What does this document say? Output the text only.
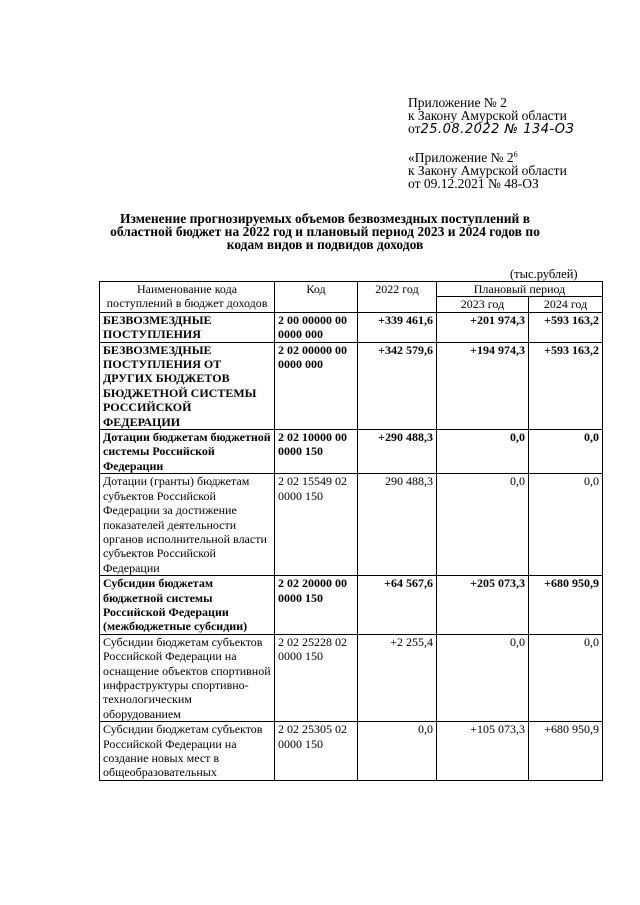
Приложение № 2
к Закону Амурской области
от25.08.2022 № 134-ОЗ
«Приложение № $2^6$
к Закону Амурской области
от 09.12.2021 № 48-ОЗ
Изменение прогнозируемых объемов безвозмездных поступлений в областной бюджет на 2022 год и плановый период 2023 и 2024 годов по кодам видов и подвидов доходов
(тыс.рублей)
Наименование кода поступлений в бюджет доходов	Код	2022 год	Плановый период	
			2023 год	2024 год
БЕЗВОЗМЕЗДНЫЕ ПОСТУПЛЕНИЯ	2 00 00000 00 0000 000	+339 461,6	+201 974,3	+593 163,2
БЕЗВОЗМЕЗДНЫЕ ПОСТУПЛЕНИЯ ОТ ДРУГИХ БЮДЖЕТОВ БЮДЖЕТНОЙ СИСТЕМЫ РОССИЙСКОЙ ФЕДЕРАЦИИ	2 02 00000 00 0000 000	+342 579,6	+194 974,3	+593 163,2
Дотации бюджетам бюджетной системы Российской Федерации	2 02 10000 00 0000 150	+290 488,3	0,0	0,0
Дотации (гранты) бюджетам субъектов Российской Федерации за достижение показателей деятельности органов исполнительной власти субъектов Российской Федерации	2 02 15549 02 0000 150	290 488,3	0,0	0,0
Субсидии бюджетам бюджетной системы Российской Федерации (межбюджетные субсидии)	2 02 20000 00 0000 150	+64 567,6	+205 073,3	+680 950,9
Субсидии бюджетам субъектов Российской Федерации на оснащение объектов спортивной инфраструктуры спортивно-технологическим оборудованием	2 02 25228 02 0000 150	+2 255,4	0,0	0,0
Субсидии бюджетам субъектов Российской Федерации на создание новых мест в общеобразовательных	2 02 25305 02 0000 150	0,0	+105 073,3	+680 950,9
